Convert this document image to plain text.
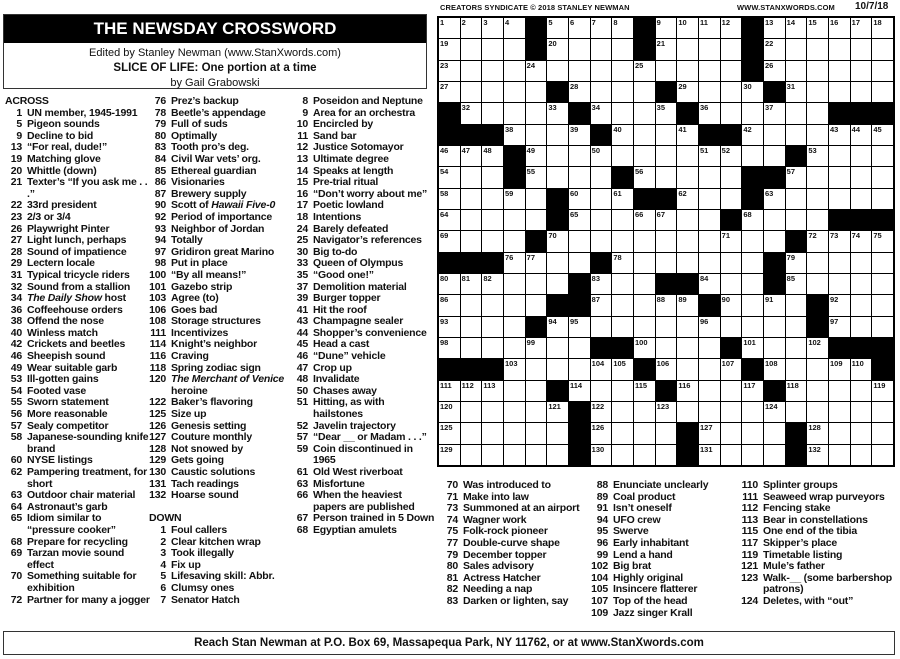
THE NEWSDAY CROSSWORD
Edited by Stanley Newman (www.StanXwords.com)
SLICE OF LIFE: One portion at a time
by Gail Grabowski
CREATORS SYNDICATE © 2018 STANLEY NEWMAN	WWW.STANXWORDS.COM 10/7/18
ACROSS
1 UN member, 1945-1991
5 Pigeon sounds
9 Decline to bid
13 “For real, dude!”
19 Matching glove
20 Whittle (down)
21 Texter’s “If you ask me . . .”
22 33rd president
23 2/3 or 3/4
26 Playwright Pinter
27 Light lunch, perhaps
28 Sound of impatience
29 Lectern locale
31 Typical tricycle riders
32 Sound from a stallion
34 The Daily Show host
36 Coffeehouse orders
38 Offend the nose
40 Winless match
42 Crickets and beetles
46 Sheepish sound
49 Wear suitable garb
53 Ill-gotten gains
54 Footed vase
55 Sworn statement
56 More reasonable
57 Sealy competitor
58 Japanese-sounding knife brand
60 NYSE listings
62 Pampering treatment, for short
63 Outdoor chair material
64 Astronaut’s garb
65 Idiom similar to “pressure cooker”
68 Prepare for recycling
69 Tarzan movie sound effect
70 Something suitable for exhibition
72 Partner for many a jogger
76 Prez’s backup
78 Beetle’s appendage
79 Full of suds
80 Optimally
83 Tooth pro’s deg.
84 Civil War vets’ org.
85 Ethereal guardian
86 Visionaries
87 Brewery supply
90 Scott of Hawaii Five-0
92 Period of importance
93 Neighbor of Jordan
94 Totally
97 Gridiron great Marino
98 Put in place
100 “By all means!”
101 Gazebo strip
103 Agree (to)
106 Goes bad
108 Storage structures
111 Incentivizes
114 Knight’s neighbor
116 Craving
118 Spring zodiac sign
120 The Merchant of Venice heroine
122 Baker’s flavoring
125 Size up
126 Genesis setting
127 Couture monthly
128 Not snowed by
129 Gets going
130 Caustic solutions
131 Tach readings
132 Hoarse sound
DOWN
1 Foul callers
2 Clear kitchen wrap
3 Took illegally
4 Fix up
5 Lifesaving skill: Abbr.
6 Clumsy ones
7 Senator Hatch
8 Poseidon and Neptune
9 Area for an orchestra
10 Encircled by
11 Sand bar
12 Justice Sotomayor
13 Ultimate degree
14 Speaks at length
15 Pre-trial ritual
16 “Don’t worry about me”
17 Poetic lowland
18 Intentions
24 Barely defeated
25 Navigator’s references
30 Big to-do
33 Queen of Olympus
35 “Good one!”
37 Demolition material
39 Burger topper
41 Hit the roof
43 Champagne sealer
44 Shopper’s convenience
45 Head a cast
46 “Dune” vehicle
47 Crop up
48 Invalidate
50 Chases away
51 Hitting, as with hailstones
52 Javelin trajectory
57 “Dear __ or Madam . . .”
59 Coin discontinued in 1965
61 Old West riverboat
63 Misfortune
66 When the heaviest papers are published
67 Person trained in 5 Down
68 Egyptian amulets
70 Was introduced to
71 Make into law
73 Summoned at an airport
74 Wagner work
75 Folk-rock pioneer
77 Double-curve shape
79 December topper
80 Sales advisory
81 Actress Hatcher
82 Needing a nap
83 Darken or lighten, say
88 Enunciate unclearly
89 Coal product
91 Isn’t oneself
94 UFO crew
95 Swerve
96 Early inhabitant
99 Lend a hand
102 Big brat
104 Highly original
105 Insincere flatterer
107 Top of the head
109 Jazz singer Krall
110 Splinter groups
111 Seaweed wrap purveyors
112 Fencing stake
113 Bear in constellations
115 One end of the tibia
117 Skipper’s place
119 Timetable listing
121 Mule’s father
123 Walk-__ (some barbershop patrons)
124 Deletes, with “out”
1 2 3 4	5 6 7 8	9 10 11 12	13 14 15 16 17 18
19	20	21	22
23	24	25	26
27	28	29	30	31
32	33	34	35	36	37
38	39	40	41	42	43 44 45
46 47 48	49	50	51 52	53
54	55	56	57
58	59	60	61	62	63
64	65	66 67	68
69	70	71	72 73 74 75
76 77	78	79
80 81 82	83	84	85
86	87	88 89	90	91	92
93	94 95	96	97
98	99	100	101	102
103	104 105	106	107	108	109 110
111 112 113	114	115	116	117	118	119
120	121	122	123	124
125	126	127	128
129	130	131	132
Reach Stan Newman at P.O. Box 69, Massapequa Park, NY 11762, or at www.StanXwords.com
